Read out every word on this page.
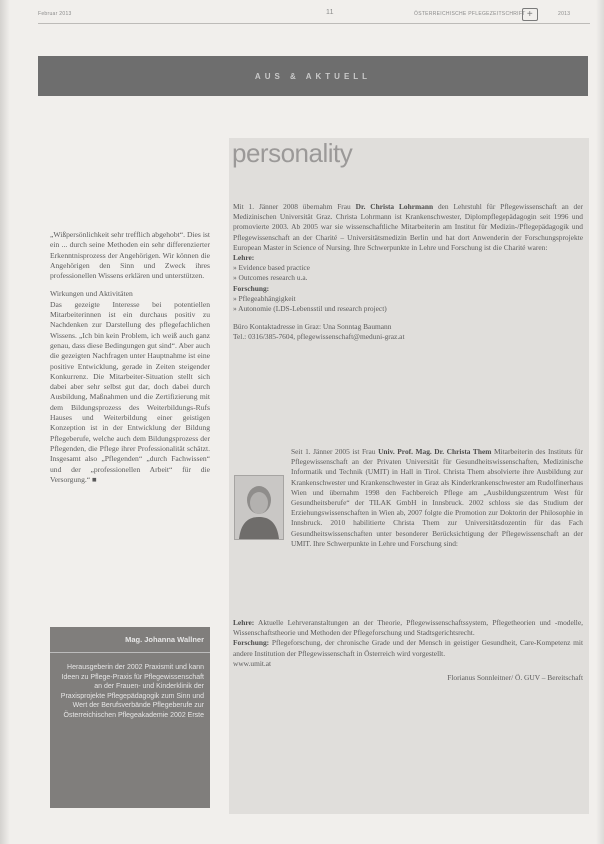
Februar 2013	11	ÖSTERREICHISCHE PFLEGEZEITSCHRIFT +	2013
AUS & AKTUELL

„Wißpersönlichkeit sehr trefflich abgehobt“. Dies ist ein ... durch seine Methoden ein sehr differenzierter Erkenntnisprozess der Angehörigen. Wir können die Angehörigen den Sinn und Zweck ihres professionellen Wissens erklären und unterstützen.

Wirkungen und Aktivitäten

Das gezeigte Interesse bei potentiellen Mitarbeiterinnen ist ein durchaus positiv zu Nachdenken zur Darstellung des pflegefachlichen Wissens. „Ich bin kein Problem, ich weiß auch ganz genau, dass diese Bedingungen gut sind“. Aber auch die gezeigten Nachfragen unter Hauptnahme ist eine positive Entwicklung, gerade in Zeiten steigender Konkurrenz. Die Mitarbeiter-Situation stellt sich dabei aber sehr selbst gut dar, doch dabei durch Ausbildung, Maßnahmen und die Zertifizierung mit dem Bildungsprozess des Weiterbildungs-Rufs Hauses und Weiterbildung einer geistigen Konzeption ist in der Entwicklung der Bildung Pflegeberufe, welche auch dem Bildungsprozess der Pflegenden, die Pflege ihrer Professionalität schätzt. Insgesamt also „Pflegenden“ „durch Fachwissen“ und der „professionellen Arbeit“ für die Versorgung.“ ■

Mag. Johanna Wallner
Herausgeberin der 2002 Praxismit und kann Ideen zu Pflege-Praxis für Pflegewissenschaft an der Frauen- und Kinderklinik der Praxisprojekte Pflegepädagogik zum Sinn und Wert der Berufsverbände Pflegeberufe zur Österreichischen Pflegeakademie 2002 Erste
personality

Mit 1. Jänner 2008 übernahm Frau Dr. Christa Lohrmann den Lehrstuhl für Pflegewissenschaft an der Medizinischen Universität Graz. Christa Lohrmann ist Krankenschwester, Diplompflegepädagogin seit 1996 und promovierte 2003. Ab 2005 war sie wissenschaftliche Mitarbeiterin am Institut für Medizin-/Pflegepädagogik und Pflegewissenschaft an der Charité – Universitätsmedizin Berlin und hat dort Anwenderin der Forschungsprojekte European Master in Science of Nursing. Ihre Schwerpunkte in Lehre und Forschung ist die Charité waren:

Lehre:

» Evidence based practice

» Outcomes research u.a.

Forschung:

» Pflegeabhängigkeit

» Autonomie (LDS-Lebensstil und research project)

Büro Kontaktadresse in Graz: Una Sonntag Baumann
Tel.: 0316/385-7604, pflegewissenschaft@meduni-graz.at

Seit 1. Jänner 2005 ist Frau Univ. Prof. Mag. Dr. Christa Them Mitarbeiterin des Instituts für Pflegewissenschaft an der Privaten Universität für Gesundheitswissenschaften, Medizinische Informatik und Technik (UMIT) in Hall in Tirol. Christa Them absolvierte ihre Ausbildung zur Krankenschwester und Krankenschwester in Graz als Kinderkrankenschwester am Rudolfinerhaus Wien und übernahm 1998 den Fachbereich Pflege am „Ausbildungszentrum West für Gesundheitsberufe“ der TILAK GmbH in Innsbruck. 2002 schloss sie das Studium der Erziehungswissenschaften in Wien ab, 2007 folgte die Promotion zur Doktorin der Philosophie in Innsbruck. 2010 habilitierte Christa Them zur Universitätsdozentin für das Fach Gesundheitswissenschaften unter besonderer Berücksichtigung der Pflegewissenschaft an der UMIT. Ihre Schwerpunkte in Lehre und Forschung sind:

Lehre: Aktuelle Lehrveranstaltungen an der Theorie, Pflegewissenschaftssystem, Pflegetheorien und -modelle, Wissenschaftstheorie und Methoden der Pflegeforschung und Stadtsgerichtsrecht.

Forschung: Pflegeforschung, der chronische Grade und der Mensch in geistiger Gesundheit, Care-Kompetenz mit andere Institution der Pflegewissenschaft in Österreich wird vorgestellt.

www.umit.at

Florianus Sonnleitner/ Ö. GUV – Bereitschaft
